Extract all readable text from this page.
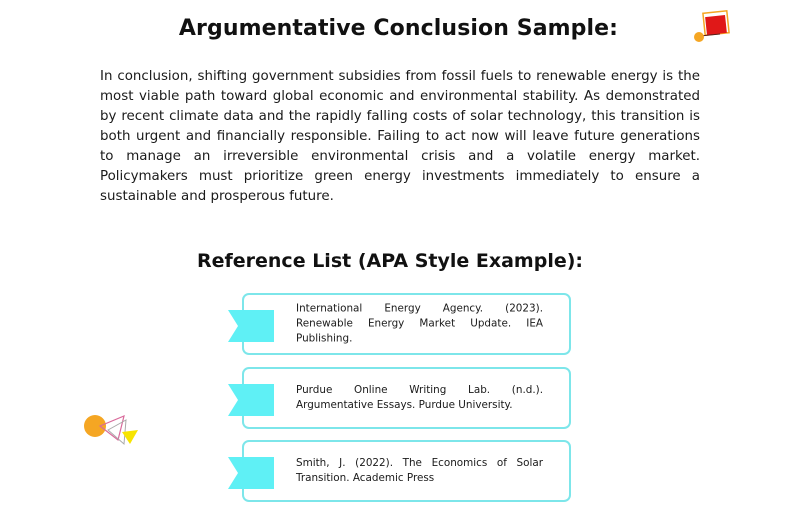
Argumentative Conclusion Sample:
In conclusion, shifting government subsidies from fossil fuels to renewable energy is the most viable path toward global economic and environmental stability. As demonstrated by recent climate data and the rapidly falling costs of solar technology, this transition is both urgent and financially responsible. Failing to act now will leave future generations to manage an irreversible environmental crisis and a volatile energy market. Policymakers must prioritize green energy investments immediately to ensure a sustainable and prosperous future.
Reference List (APA Style Example):
International Energy Agency. (2023). Renewable Energy Market Update. IEA Publishing.
Purdue Online Writing Lab. (n.d.). Argumentative Essays. Purdue University.
Smith, J. (2022). The Economics of Solar Transition. Academic Press
